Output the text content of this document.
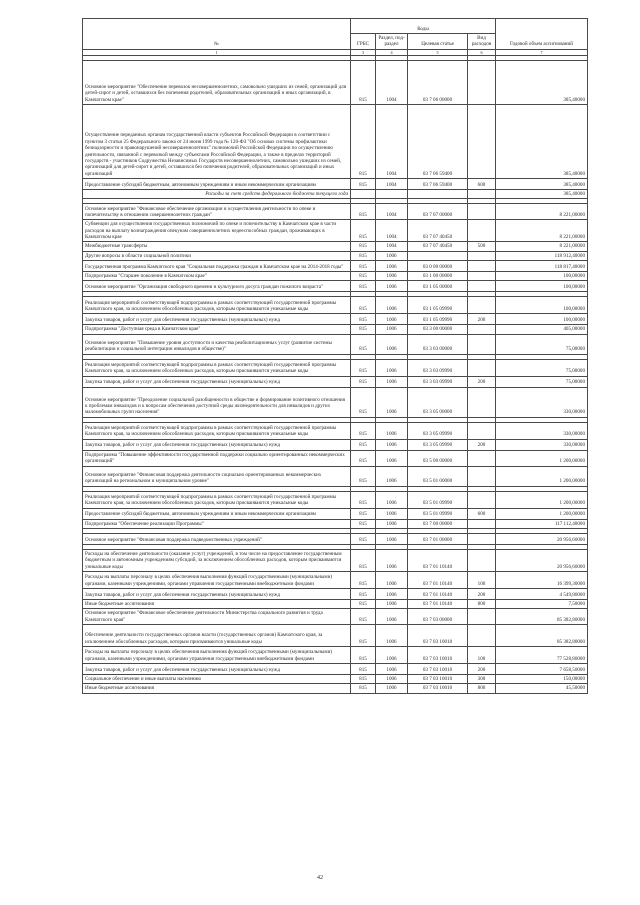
№	Коды				Годовой объем ассигнований
	ГРБС	Раздел, под-раздел	Целевая статья	Вид расходов	
1	3	4	5	6	7

Основное мероприятие "Обеспечение перевозок несовершеннолетних, самовольно ушедших из семей, организаций для детей-сирот и детей, оставшихся без попечения родителей, образовательных организаций и иных организаций, в Камчатском крае"	815	1004	03 7 06 00000		385,40000
Осуществление переданных органам государственной власти субъектов Российской Федерации в соответствии с пунктом 3 статьи 25 Федерального закона от 24 июня 1999 года № 120-ФЗ "Об основах системы профилактики безнадзорности и правонарушений несовершеннолетних" полномочий Российской Федерации по осуществлению деятельности, связанной с перевозкой между субъектами Российской Федерации, а также в пределах территорий государств - участников Содружества Независимых Государств несовершеннолетних, самовольно ушедших из семей, организаций для детей-сирот и детей, оставшихся без попечения родителей, образовательных организаций и иных организаций	815	1004	03 7 06 59400		385,40000
Предоставление субсидий бюджетным, автономным учреждениям и иным некоммерческим организациям	815	1004	03 7 06 59400	600	385,40000
Расходы за счет средств федерального бюджета текущего года					385,40000

Основное мероприятие "Финансовое обеспечение организации и осуществления деятельности по опеке и попечительству в отношении совершеннолетних граждан"	815	1004	03 7 07 00000		8 221,00000
Субвенции для осуществления государственных полномочий по опеке и попечительству в Камчатском крае в части расходов на выплату вознаграждения опекунам совершеннолетних недееспособных граждан, проживающих в Камчатском крае	815	1004	03 7 07 40450		8 221,00000
Межбюджетные трансферты	815	1004	03 7 07 40450	500	8 221,00000
Другие вопросы в области социальной политики	815	1006			118 912,40000
Государственная программа Камчатского края "Социальная поддержка граждан в Камчатском крае на 2014-2018 годы"	815	1006	03 0 00 00000		118 817,40000
Подпрограмма "Старшее поколение в Камчатском крае"	815	1006	03 1 00 00000		100,00000
Основное мероприятие "Организация свободного времени и культурного досуга граждан пожилого возраста"	815	1006	03 1 05 00000		100,00000

Реализация мероприятий соответствующей подпрограммы в рамках соответствующей государственной программы Камчатского края, за исключением обособленных расходов, которым присваиваются уникальные коды	815	1006	03 1 05 09990		100,00000
Закупка товаров, работ и услуг для обеспечения государственных (муниципальных) нужд	815	1006	03 1 05 09990	200	100,00000
Подпрограмма "Доступная среда в Камчатском крае"	815	1006	03 3 00 00000		405,00000
Основное мероприятие "Повышение уровня доступности и качества реабилитационных услуг (развитие системы реабилитации и социальной интеграции инвалидов в обществе)"	815	1006	03 3 03 00000		75,00000

Реализация мероприятий соответствующей подпрограммы в рамках соответствующей государственной программы Камчатского края, за исключением обособленных расходов, которым присваиваются уникальные коды	815	1006	03 3 03 09990		75,00000
Закупка товаров, работ и услуг для обеспечения государственных (муниципальных) нужд	815	1006	03 3 03 09990	200	75,00000
Основное мероприятие "Преодоление социальной разобщенности в обществе и формирование позитивного отношения к проблемам инвалидов и к вопросам обеспечения доступной среды жизнедеятельности для инвалидов и других маломобильных групп населения"	815	1006	03 3 05 00000		330,00000

Реализация мероприятий соответствующей подпрограммы в рамках соответствующей государственной программы Камчатского края, за исключением обособленных расходов, которым присваиваются уникальные коды	815	1006	03 3 05 09990		330,00000
Закупка товаров, работ и услуг для обеспечения государственных (муниципальных) нужд	815	1006	03 3 05 09990	200	330,00000
Подпрограмма "Повышение эффективности государственной поддержки социально ориентированных некоммерческих организаций"	815	1006	03 5 00 00000		1 200,00000
Основное мероприятие "Финансовая поддержка деятельности социально ориентированных некоммерческих организаций на региональном и муниципальном уровне"	815	1006	03 5 01 00000		1 200,00000

Реализация мероприятий соответствующей подпрограммы в рамках соответствующей государственной программы Камчатского края, за исключением обособленных расходов, которым присваиваются уникальные коды	815	1006	03 5 01 09990		1 200,00000
Предоставление субсидий бюджетным, автономным учреждениям и иным некоммерческим организациям	815	1006	03 5 01 09990	600	1 200,00000
Подпрограмма "Обеспечение реализации Программы"	815	1006	03 7 00 00000		117 112,40000

Основное мероприятие "Финансовая поддержка подведомственных учреждений"	815	1006	03 7 01 00000		20 956,60000

Расходы на обеспечение деятельности (оказание услуг) учреждений, в том числе на предоставление государственным бюджетным и автономным учреждениям субсидий, за исключением обособленных расходов, которым присваиваются уникальные коды	815	1006	03 7 01 10140		20 956,60000
Расходы на выплаты персоналу в целях обеспечения выполнения функций государственными (муниципальными) органами, казенными учреждениями, органами управления государственными внебюджетными фондами	815	1006	03 7 01 10140	100	16 399,30000
Закупка товаров, работ и услуг для обеспечения государственных (муниципальных) нужд	815	1006	03 7 01 10140	200	4 549,80000
Иные бюджетные ассигнования	815	1006	03 7 01 10140	800	7,50000
Основное мероприятие "Финансовое обеспечение деятельности Министерства социального развития и труда Камчатского края"	815	1006	03 7 03 00000		85 382,80000
Обеспечение деятельности государственных органов власти (государственных органов) Камчатского края, за исключением обособленных расходов, которым присваиваются уникальные коды	815	1006	03 7 03 10010		85 382,80000
Расходы на выплаты персоналу в целях обеспечения выполнения функций государственными (муниципальными) органами, казенными учреждениями, органами управления государственными внебюджетными фондами	815	1006	03 7 03 10010	100	77 528,80000
Закупка товаров, работ и услуг для обеспечения государственных (муниципальных) нужд	815	1006	03 7 03 10010	200	7 658,50000
Социальное обеспечение и иные выплаты населению	815	1006	03 7 03 10010	300	150,00000
Иные бюджетные ассигнования	815	1006	03 7 03 10010	800	45,50000
42
